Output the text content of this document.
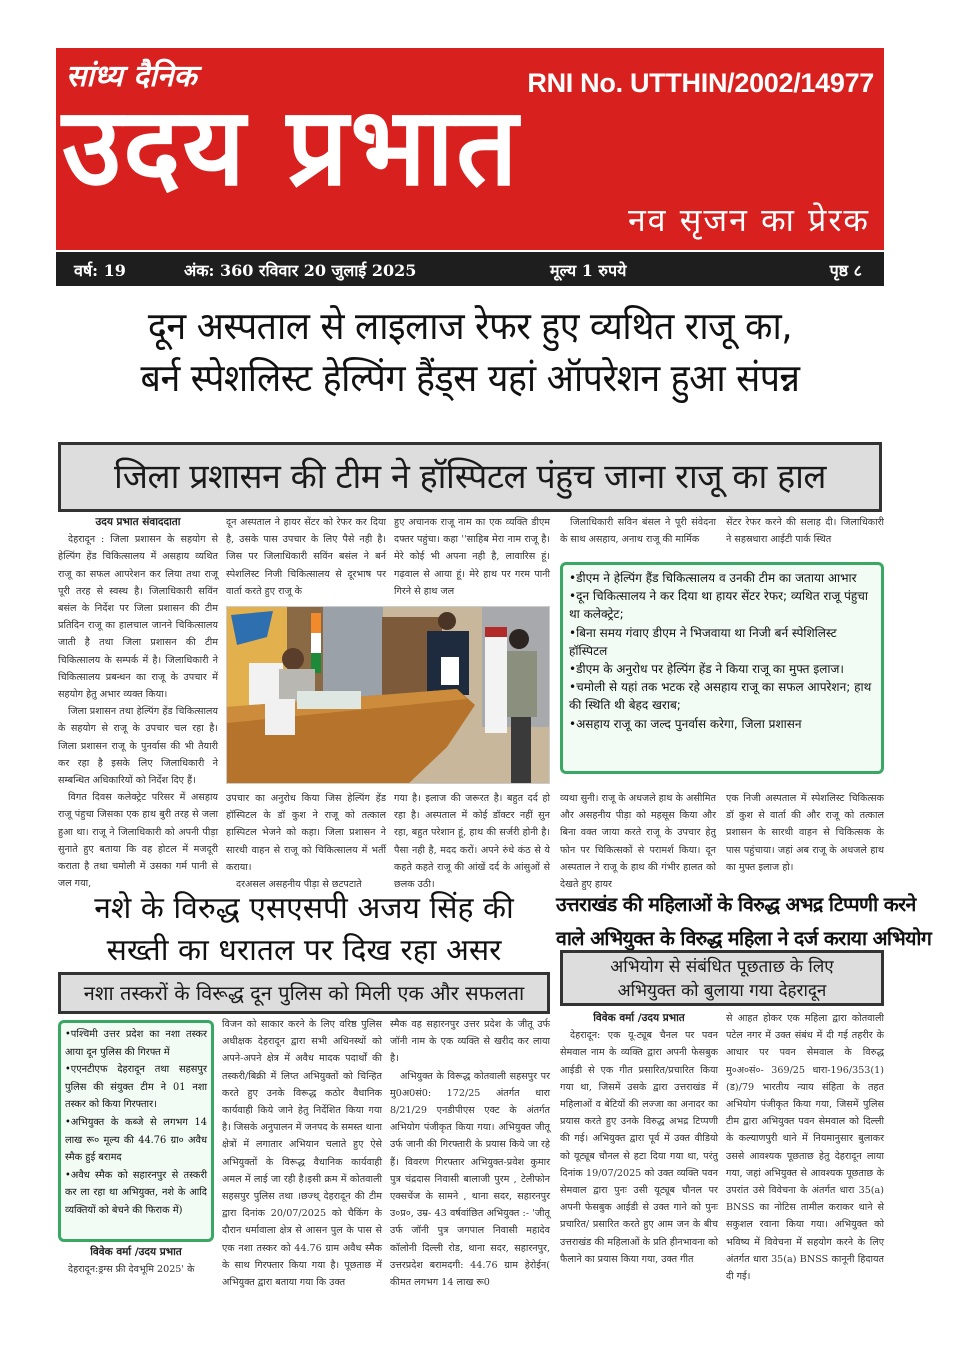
सांध्य दैनिक	RNI No. UTTHIN/2002/14977
उदय प्रभात
नव सृजन का प्रेरक
वर्ष: 19	अंक: 360 रविवार 20 जुलाई 2025	मूल्य 1 रुपये	पृष्ठ ८
दून अस्पताल से लाइलाज रेफर हुए व्यथित राजू का,
बर्न स्पेशलिस्ट हेल्पिंग हैंड्स यहां ऑपरेशन हुआ संपन्न
जिला प्रशासन की टीम ने हॉस्पिटल पंहुच जाना राजू का हाल
उदय प्रभात संवाददाता

देहरादून : जिला प्रशासन के सहयोग से हेल्पिंग हेंड चिकित्सालय में असहाय व्यथित राजू का सफल आपरेशन कर लिया तथा राजू पूरी तरह से स्वस्थ है। जिलाधिकारी सविंन बसंल के निर्देश पर जिला प्रशासन की टीम प्रतिदिन राजू का हालचाल जानने चिकित्सालय जाती है तथा जिला प्रशासन की टीम चिकित्सालय के सम्पर्क में है। जिलाधिकारी ने चिकित्सालय प्रबन्धन का राजू के उपचार में सहयोग हेतु अभार व्यक्त किया।

जिला प्रशासन तथा हेल्पिंग हेंड चिकित्सालय के सहयोग से राजू के उपचार चल रहा है। जिला प्रशासन राजू के पुनर्वास की भी तैयारी कर रहा है इसके लिए जिलाधिकारी ने सम्बन्धित अधिकारियों को निर्देश दिए हैं।

विगत दिवस कलेक्ट्रेट परिसर में असहाय राजू पंहुचा जिसका एक हाथ बुरी तरह से जला हुआ था। राजू ने जिलाधिकारी को अपनी पीड़ा सुनाते हुए बताया कि वह होटल में मजदूरी कराता है तथा चमोली में उसका गर्म पानी से जल गया,

दून अस्पताल ने हायर सेंटर को रेफर कर दिया है, उसके पास उपचार के लिए पैसे नही है। जिस पर जिलाधिकारी सविंन बसंल ने बर्न स्पेशलिस्ट निजी चिकित्सालय से दूरभाष पर वार्ता करते हुए राजू के

हुए अचानक राजू नाम का एक व्यक्ति डीएम दफ्तर पहुंचा। कहा ''साहिब मेरा नाम राजू है। मेरे कोई भी अपना नही है, लावारिस हूं। गढ़वाल से आया हूं। मेरे हाथ पर गरम पानी गिरने से हाथ जल

जिलाधिकारी सविन बंसल ने पूरी संवेदना के साथ असहाय, अनाथ राजू की मार्मिक

सेंटर रेफर करने की सलाह दी। जिलाधिकारी ने सहस्रधारा आईटी पार्क स्थित

•डीएम ने हेल्पिंग हैंड चिकित्सालय व उनकी टीम का जताया आभार
•दून चिकित्सालय ने कर दिया था हायर सेंटर रेफर; व्यथित राजू पंहुचा था कलेक्ट्रेट;
•बिना समय गंवाए डीएम ने भिजवाया था निजी बर्न स्पेशिलिस्ट हॉस्पिटल
•डीएम के अनुरोध पर हेल्पिंग हेंड ने किया राजू का मुफ्त इलाज।
•चमोली से यहां तक भटक रहे असहाय राजू का सफल आपरेशन; हाथ की स्थिति थी बेहद खराब;
•असहाय राजू का जल्द पुनर्वास करेगा, जिला प्रशासन

उपचार का अनुरोध किया जिस हेल्पिंग हेंड हॉस्पिटल के डॉ कुश ने राजू को तत्काल हास्पिटल भेजने को कहा। जिला प्रशासन ने सारथी वाहन से राजू को चिकित्सालय में भर्ती कराया।

दरअसल असहनीय पीड़ा से छटपटाते

गया है। इलाज की जरूरत है। बहुत दर्द हो रहा है। अस्पताल में कोई डॉक्टर नहीं सुन रहा, बहुत परेशान हूं, हाथ की सर्जरी होनी है। पैसा नही है, मदद करों। अपने रुंधे कंठ से ये कहते कहते राजू की आंखें दर्द के आंसुओं से छलक उठी।

व्यथा सुनी। राजू के अधजले हाथ के असीमित और असहनीय पीड़ा को महसूस किया और बिना वक्त जाया करते राजू के उपचार हेतु फोन पर चिकित्सकों से परामर्श किया। दून अस्पताल ने राजू के हाथ की गंभीर हालत को देखते हुए हायर

एक निजी अस्पताल में स्पेशलिस्ट चिकित्सक डॉ कुश से वार्ता की और राजू को तत्काल प्रशासन के सारथी वाहन से चिकित्सक के पास पहुंचाया। जहां अब राजू के अधजले हाथ का मुफ्त इलाज हो।

नशे के विरुद्ध एसएसपी अजय सिंह की
सख्ती का धरातल पर दिख रहा असर
नशा तस्करों के विरूद्ध दून पुलिस को मिली एक और सफलता
•पश्चिमी उत्तर प्रदेश का नशा तस्कर आया दून पुलिस की गिरफ्त में
•एएनटीएफ देहरादून तथा सहसपुर पुलिस की संयुक्त टीम ने 01 नशा तस्कर को किया गिरफ्तार।
•अभियुक्त के कब्जे से लगभग 14 लाख रू० मूल्य की 44.76 ग्रा० अवैध स्मैक हुई बरामद
•अवैध स्मैक को सहारनपुर से तस्करी कर ला रहा था अभियुक्त, नशे के आदि व्यक्तियों को बेचने की फिराक में)
विवेक वर्मा /उदय प्रभात

देहरादून:ड्रग्स फ्री देवभूमि 2025' के

विजन को साकार करने के लिए वरिष्ठ पुलिस अधीक्षक देहरादून द्वारा सभी अधिनस्थों को अपने-अपने क्षेत्र में अवैध मादक पदार्थों की तस्करी/बिक्री में लिप्त अभियुक्तों को चिन्हित करते हुए उनके विरूद्ध कठोर वैधानिक कार्यवाही किये जाने हेतु निर्देशित किया गया है। जिसके अनुपालन में जनपद के समस्त थाना क्षेत्रों में लगातार अभियान चलाते हुए ऐसे अभियुक्तों के विरूद्ध वैधानिक कार्यवाही अमल में लाई जा रही है।इसी क्रम में कोतवाली सहसपुर पुलिस तथा ।छज्थ् देहरादून की टीम द्वारा दिनांक 20/07/2025 को चैकिंग के दौरान धर्मावाला क्षेत्र से आसन पुल के पास से एक नशा तस्कर को 44.76 ग्राम अवैध स्मैक के साथ गिरफ्तार किया गया है। पूछताछ में अभियुक्त द्वारा बताया गया कि उक्त

स्मैक वह सहारनपुर उत्तर प्रदेश के जीतू उर्फ जॉनी नाम के एक व्यक्ति से खरीद कर लाया है।

अभियुक्त के विरूद्ध कोतवाली सहसपुर पर मु0अ0सं0: 172/25 अंतर्गत धारा 8/21/29 एनडीपीएस एक्ट के अंतर्गत अभियोग पंजीकृत किया गया। अभियुक्त जीतू उर्फ जानी की गिरफ्तारी के प्रयास किये जा रहे हैं। विवरण गिरफ्तार अभियुक्त-प्रवेश कुमार पुत्र चंद्रदास निवासी बालाजी पुरम , टेलीफोन एक्सचेंज के सामने , थाना सदर, सहारनपुर उ०प्र०, उम्र- 43 वर्षवांछित अभियुक्त :- 'जीतू उर्फ जॉनी पुत्र जगपाल निवासी महादेव कॉलोनी दिल्ली रोड, थाना सदर, सहारनपुर, उत्तरप्रदेश बरामदगी: 44.76 ग्राम हेरोईन( कीमत लगभग 14 लाख रू0

उत्तराखंड की महिलाओं के विरुद्ध अभद्र टिप्पणी करने
वाले अभियुक्त के विरुद्ध महिला ने दर्ज कराया अभियोग
अभियोग से संबंधित पूछताछ के लिए
अभियुक्त को बुलाया गया देहरादून
विवेक वर्मा /उदय प्रभात

देहरादून: एक यू-ट्यूब चैनल पर पवन सेमवाल नाम के व्यक्ति द्वारा अपनी फेसबुक आईडी से एक गीत प्रसारित/प्रचारित किया गया था, जिसमें उसके द्वारा उत्तराखंड में महिलाओं व बेटियों की लज्जा का अनादर का प्रयास करते हुए उनके विरुद्ध अभद्र टिप्पणी की गई। अभियुक्त द्वारा पूर्व में उक्त वीडियो को यूट्यूब चौनल से हटा दिया गया था, परंतु दिनांक 19/07/2025 को उक्त व्यक्ति पवन सेमवाल द्वारा पुनः उसी यूट्यूब चौनल पर अपनी फेसबुक आईडी से उक्त गाने को पुनः प्रचारित/ प्रसारित करते हुए आम जन के बीच उत्तराखंड की महिलाओं के प्रति हीनभावना को फैलाने का प्रयास किया गया, उक्त गीत

से आहत होकर एक महिला द्वारा कोतवाली पटेल नगर में उक्त संबंध में दी गई तहरीर के आधार पर पवन सेमवाल के विरुद्ध मु०अ०सं०- 369/25 धारा-196/353(1)(ड)/79 भारतीय न्याय संहिता के तहत अभियोग पंजीकृत किया गया, जिसमें पुलिस टीम द्वारा अभियुक्त पवन सेमवाल को दिल्ली के कल्याणपुरी थाने में नियमानुसार बुलाकर उससे आवश्यक पूछताछ हेतु देहरादून लाया गया, जहां अभियुक्त से आवश्यक पूछताछ के उपरांत उसे विवेचना के अंतर्गत धारा 35(a) BNSS का नोटिस तामील कराकर थाने से सकुशल रवाना किया गया। अभियुक्त को भविष्य में विवेचना में सहयोग करने के लिए अंतर्गत धारा 35(a) BNSS कानूनी हिदायत दी गई।
